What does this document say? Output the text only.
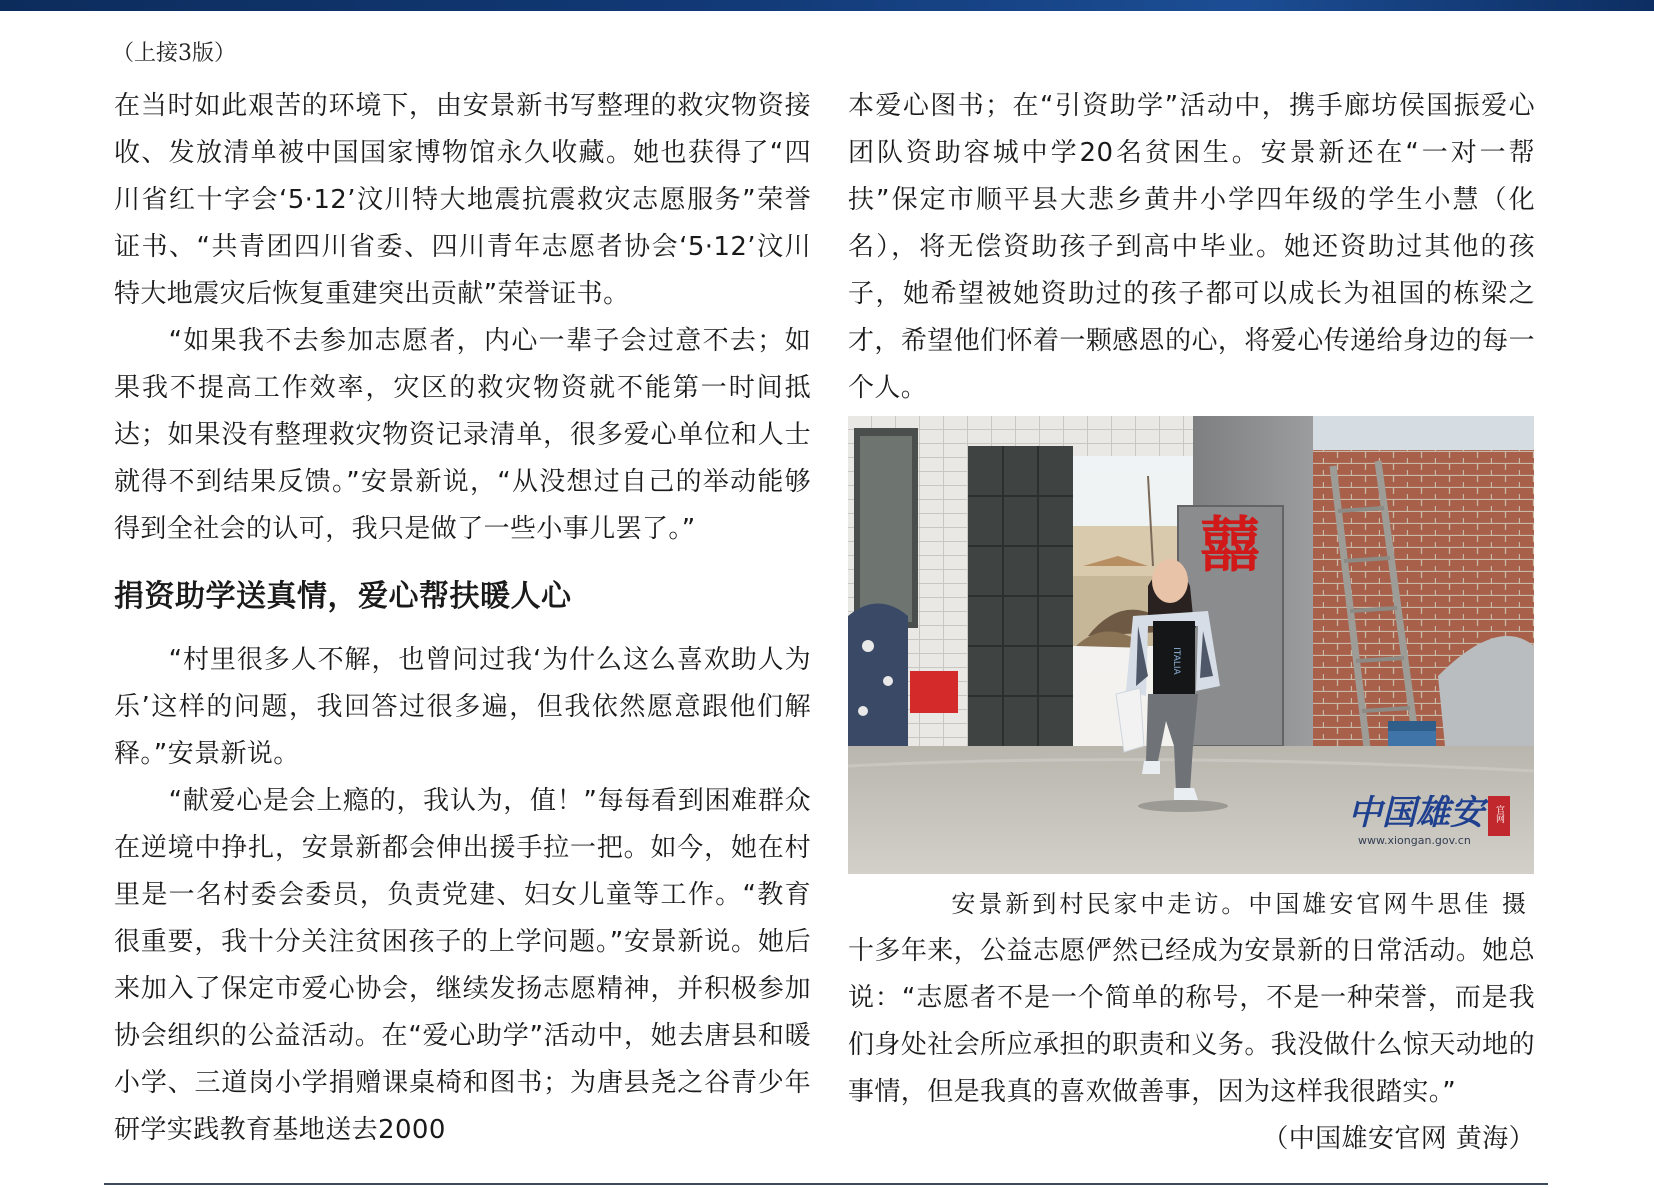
（上接3版）

在当时如此艰苦的环境下，由安景新书写整理的救灾物资接收、发放清单被中国国家博物馆永久收藏。她也获得了“四川省红十字会‘5·12’汶川特大地震抗震救灾志愿服务”荣誉证书、“共青团四川省委、四川青年志愿者协会‘5·12’汶川特大地震灾后恢复重建突出贡献”荣誉证书。

“如果我不去参加志愿者，内心一辈子会过意不去；如果我不提高工作效率，灾区的救灾物资就不能第一时间抵达；如果没有整理救灾物资记录清单，很多爱心单位和人士就得不到结果反馈。”安景新说，“从没想过自己的举动能够得到全社会的认可，我只是做了一些小事儿罢了。”

捐资助学送真情，爱心帮扶暖人心

“村里很多人不解，也曾问过我‘为什么这么喜欢助人为乐’这样的问题，我回答过很多遍，但我依然愿意跟他们解释。”安景新说。

“献爱心是会上瘾的，我认为，值！”每每看到困难群众在逆境中挣扎，安景新都会伸出援手拉一把。如今，她在村里是一名村委会委员，负责党建、妇女儿童等工作。“教育很重要，我十分关注贫困孩子的上学问题。”安景新说。她后来加入了保定市爱心协会，继续发扬志愿精神，并积极参加协会组织的公益活动。在“爱心助学”活动中，她去唐县和暖小学、三道岗小学捐赠课桌椅和图书；为唐县尧之谷青少年研学实践教育基地送去2000

本爱心图书；在“引资助学”活动中，携手廊坊侯国振爱心团队资助容城中学20名贫困生。安景新还在“一对一帮扶”保定市顺平县大悲乡黄井小学四年级的学生小慧（化名），将无偿资助孩子到高中毕业。她还资助过其他的孩子，她希望被她资助过的孩子都可以成长为祖国的栋梁之才，希望他们怀着一颗感恩的心，将爱心传递给身边的每一个人。

囍
ITALIA
中国雄安	官网
www.xiongan.gov.cn
安景新到村民家中走访。中国雄安官网牛思佳 摄

十多年来，公益志愿俨然已经成为安景新的日常活动。她总说：“志愿者不是一个简单的称号，不是一种荣誉，而是我们身处社会所应承担的职责和义务。我没做什么惊天动地的事情，但是我真的喜欢做善事，因为这样我很踏实。”
（中国雄安官网 黄海）
